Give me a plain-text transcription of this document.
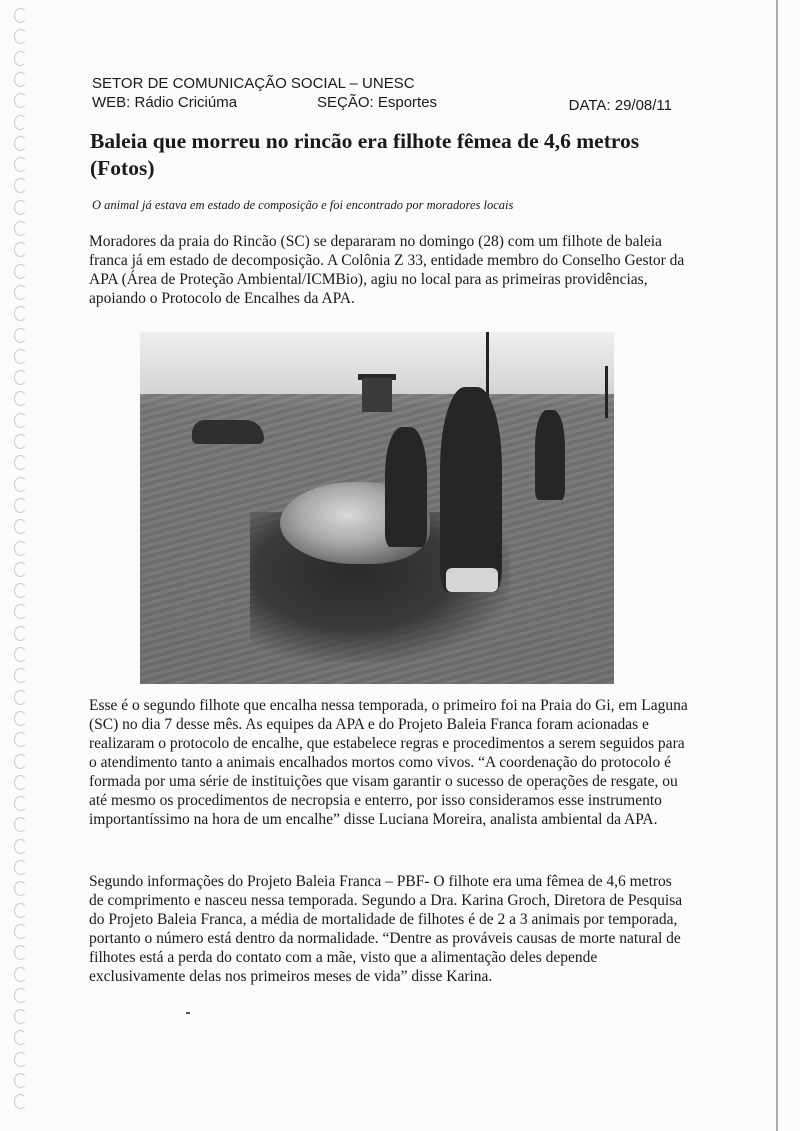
SETOR DE COMUNICAÇÃO SOCIAL – UNESC
WEB: Rádio Criciúma	SEÇÃO: Esportes	DATA: 29/08/11
Baleia que morreu no rincão era filhote fêmea de 4,6 metros (Fotos)

O animal já estava em estado de composição e foi encontrado por moradores locais

Moradores da praia do Rincão (SC) se depararam no domingo (28) com um filhote de baleia franca já em estado de decomposição. A Colônia Z 33, entidade membro do Conselho Gestor da APA (Área de Proteção Ambiental/ICMBio), agiu no local para as primeiras providências, apoiando o Protocolo de Encalhes da APA.

Esse é o segundo filhote que encalha nessa temporada, o primeiro foi na Praia do Gi, em Laguna (SC) no dia 7 desse mês. As equipes da APA e do Projeto Baleia Franca foram acionadas e realizaram o protocolo de encalhe, que estabelece regras e procedimentos a serem seguidos para o atendimento tanto a animais encalhados mortos como vivos. “A coordenação do protocolo é formada por uma série de instituições que visam garantir o sucesso de operações de resgate, ou até mesmo os procedimentos de necropsia e enterro, por isso consideramos esse instrumento importantíssimo na hora de um encalhe” disse Luciana Moreira, analista ambiental da APA.

Segundo informações do Projeto Baleia Franca – PBF- O filhote era uma fêmea de 4,6 metros de comprimento e nasceu nessa temporada. Segundo a Dra. Karina Groch, Diretora de Pesquisa do Projeto Baleia Franca, a média de mortalidade de filhotes é de 2 a 3 animais por temporada, portanto o número está dentro da normalidade. “Dentre as prováveis causas de morte natural de filhotes está a perda do contato com a mãe, visto que a alimentação deles depende exclusivamente delas nos primeiros meses de vida” disse Karina.
